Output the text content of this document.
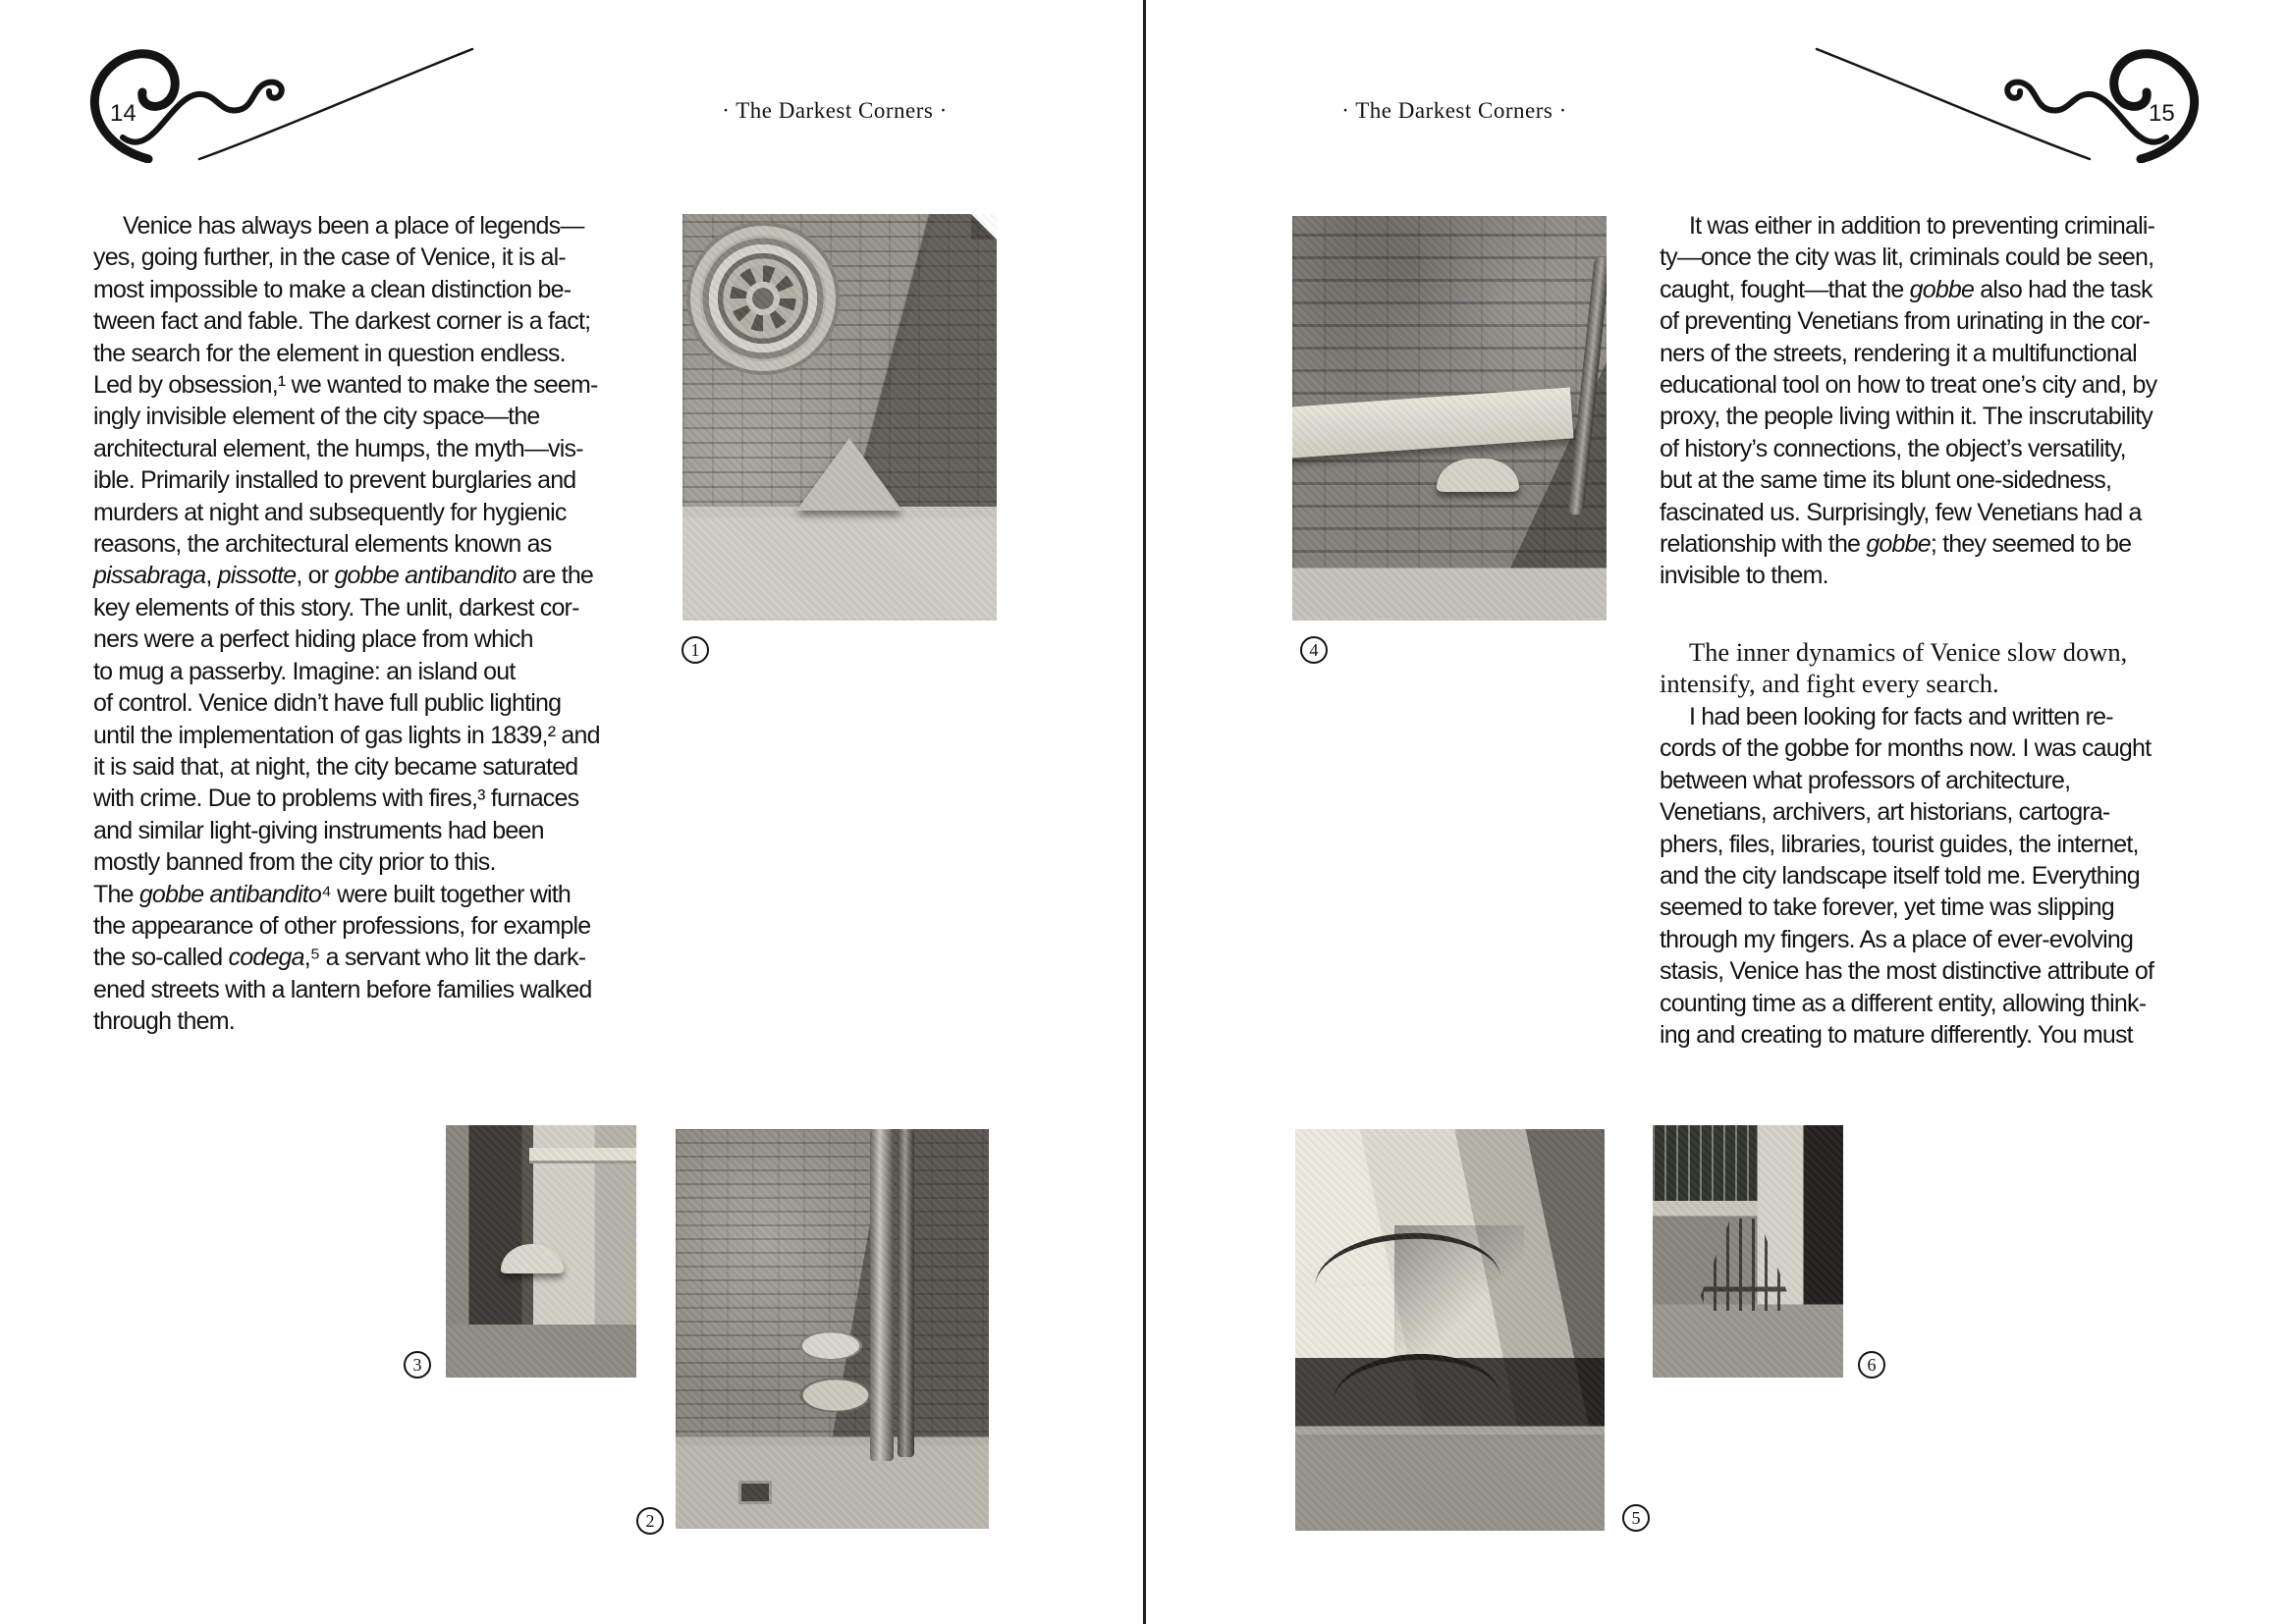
14	15
· The Darkest Corners ·	· The Darkest Corners ·
Venice has always been a place of legends—
yes, going further, in the case of Venice, it is al-
most impossible to make a clean distinction be-
tween fact and fable. The darkest corner is a fact;
the search for the element in question endless.
Led by obsession,¹ we wanted to make the seem-
ingly invisible element of the city space—the
architectural element, the humps, the myth—vis-
ible. Primarily installed to prevent burglaries and
murders at night and subsequently for hygienic
reasons, the architectural elements known as
pissabraga, pissotte, or gobbe antibandito are the
key elements of this story. The unlit, darkest cor-
ners were a perfect hiding place from which
to mug a passerby. Imagine: an island out
of control. Venice didn’t have full public lighting
until the implementation of gas lights in 1839,² and
it is said that, at night, the city became saturated
with crime. Due to problems with fires,³ furnaces
and similar light-giving instruments had been
mostly banned from the city prior to this.
The gobbe antibandito⁴ were built together with
the appearance of other professions, for example
the so-called codega,⁵ a servant who lit the dark-
ened streets with a lantern before families walked
through them.
It was either in addition to preventing criminali-
ty—once the city was lit, criminals could be seen,
caught, fought—that the gobbe also had the task
of preventing Venetians from urinating in the cor-
ners of the streets, rendering it a multifunctional
educational tool on how to treat one’s city and, by
proxy, the people living within it. The inscrutability
of history’s connections, the object’s versatility,
but at the same time its blunt one-sidedness,
fascinated us. Surprisingly, few Venetians had a
relationship with the gobbe; they seemed to be
invisible to them.
The inner dynamics of Venice slow down,
intensify, and fight every search.
I had been looking for facts and written re-
cords of the gobbe for months now. I was caught
between what professors of architecture,
Venetians, archivers, art historians, cartogra-
phers, files, libraries, tourist guides, the internet,
and the city landscape itself told me. Everything
seemed to take forever, yet time was slipping
through my fingers. As a place of ever-evolving
stasis, Venice has the most distinctive attribute of
counting time as a different entity, allowing think-
ing and creating to mature differently. You must
1
2
3
4
5
6
